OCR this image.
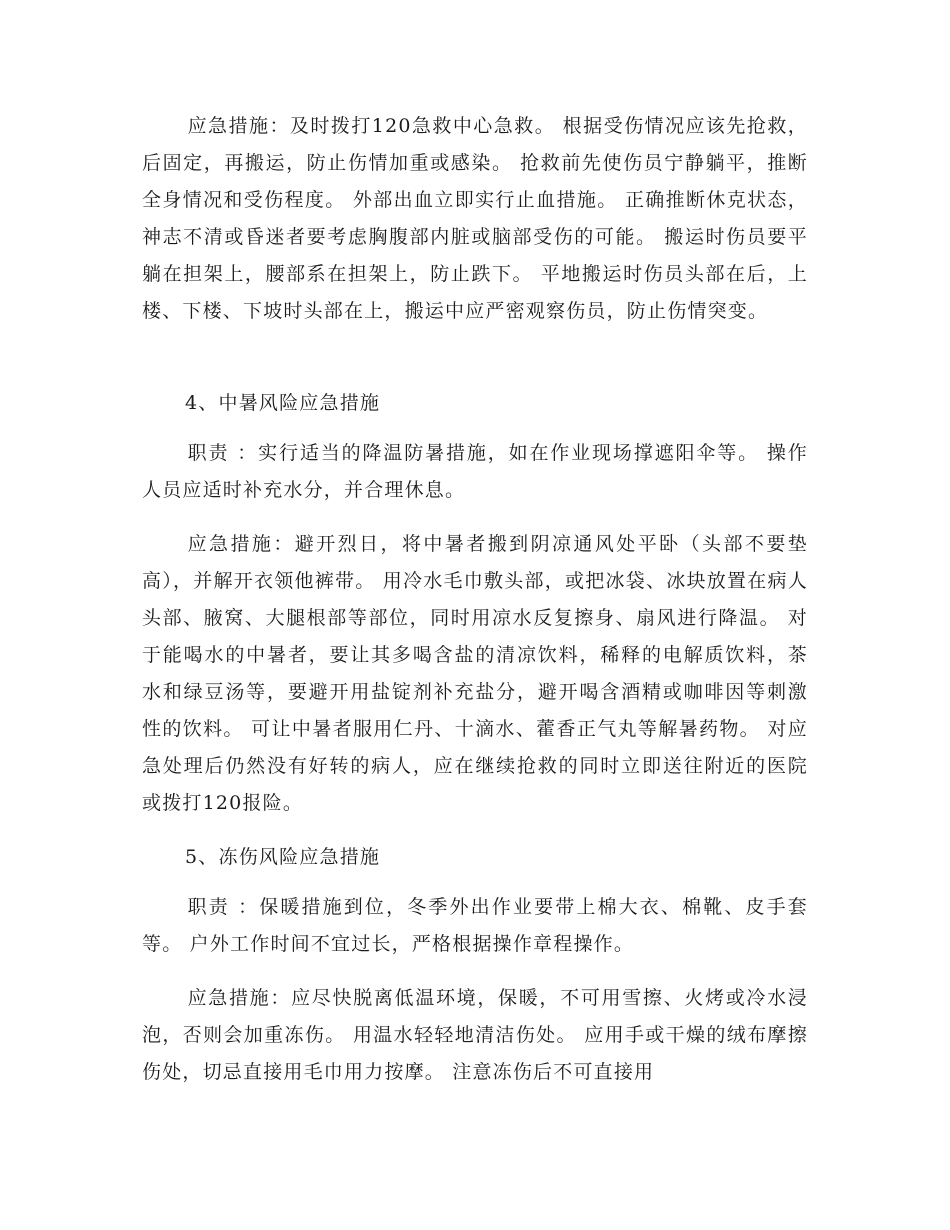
应急措施：及时拨打120急救中心急救。 根据受伤情况应该先抢救，后固定，再搬运，防止伤情加重或感染。 抢救前先使伤员宁静躺平，推断全身情况和受伤程度。 外部出血立即实行止血措施。 正确推断休克状态，神志不清或昏迷者要考虑胸腹部内脏或脑部受伤的可能。 搬运时伤员要平躺在担架上，腰部系在担架上，防止跌下。 平地搬运时伤员头部在后，上楼、下楼、下坡时头部在上，搬运中应严密观察伤员，防止伤情突变。

4、中暑风险应急措施

职责 ：实行适当的降温防暑措施，如在作业现场撑遮阳伞等。 操作人员应适时补充水分，并合理休息。

应急措施：避开烈日，将中暑者搬到阴凉通风处平卧（头部不要垫高），并解开衣领他裤带。 用冷水毛巾敷头部，或把冰袋、冰块放置在病人头部、腋窝、大腿根部等部位，同时用凉水反复擦身、扇风进行降温。 对于能喝水的中暑者，要让其多喝含盐的清凉饮料，稀释的电解质饮料，茶水和绿豆汤等，要避开用盐锭剂补充盐分，避开喝含酒精或咖啡因等刺激性的饮料。 可让中暑者服用仁丹、十滴水、藿香正气丸等解暑药物。 对应急处理后仍然没有好转的病人，应在继续抢救的同时立即送往附近的医院或拨打120报险。

5、冻伤风险应急措施

职责 ：保暖措施到位，冬季外出作业要带上棉大衣、棉靴、皮手套等。 户外工作时间不宜过长，严格根据操作章程操作。

应急措施：应尽快脱离低温环境，保暖，不可用雪擦、火烤或冷水浸泡，否则会加重冻伤。 用温水轻轻地清洁伤处。 应用手或干燥的绒布摩擦伤处，切忌直接用毛巾用力按摩。 注意冻伤后不可直接用
